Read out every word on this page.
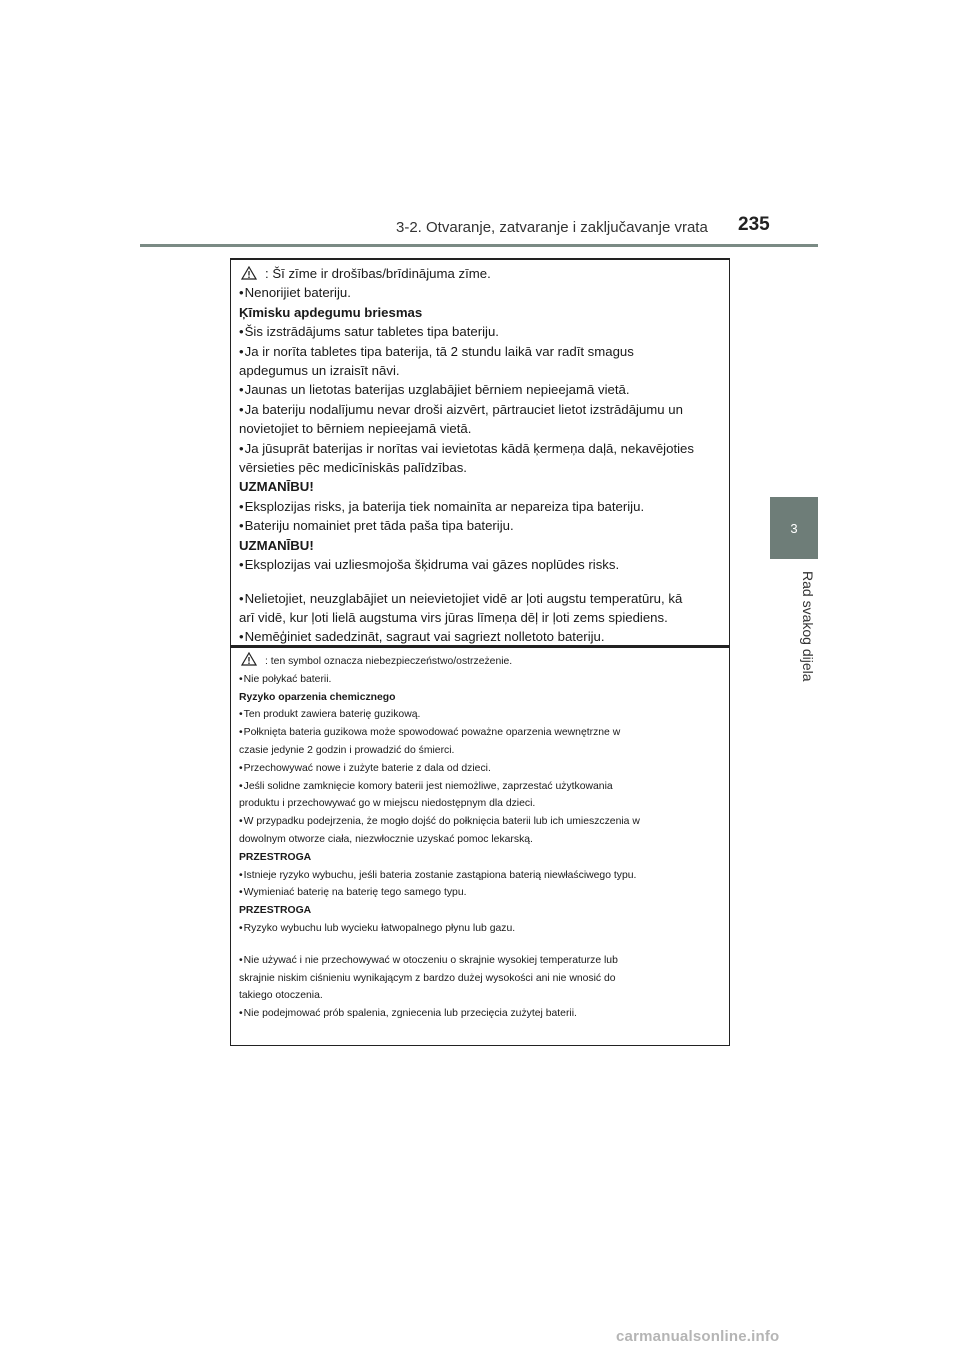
3-2. Otvaranje, zatvaranje i zaključavanje vrata	235
3
Rad svakog dijela
: Šī zīme ir drošības/brīdinājuma zīme.
• Nenorijiet bateriju.
Ķīmisku apdegumu briesmas
• Šis izstrādājums satur tabletes tipa bateriju.
• Ja ir norīta tabletes tipa baterija, tā 2 stundu laikā var radīt smagus
apdegumus un izraisīt nāvi.
• Jaunas un lietotas baterijas uzglabājiet bērniem nepieejamā vietā.
• Ja bateriju nodalījumu nevar droši aizvērt, pārtrauciet lietot izstrādājumu un
novietojiet to bērniem nepieejamā vietā.
• Ja jūsuprāt baterijas ir norītas vai ievietotas kādā ķermeņa daļā, nekavējoties
vērsieties pēc medicīniskās palīdzības.
UZMANĪBU!
• Eksplozijas risks, ja baterija tiek nomainīta ar nepareiza tipa bateriju.
• Bateriju nomainiet pret tāda paša tipa bateriju.
UZMANĪBU!
• Eksplozijas vai uzliesmojoša šķidruma vai gāzes noplūdes risks.
• Nelietojiet, neuzglabājiet un neievietojiet vidē ar ļoti augstu temperatūru, kā
arī vidē, kur ļoti lielā augstuma virs jūras līmeņa dēļ ir ļoti zems spiediens.
• Nemēģiniet sadedzināt, sagraut vai sagriezt nolletoto bateriju.
: ten symbol oznacza niebezpieczeństwo/ostrzeżenie.
• Nie połykać baterii.
Ryzyko oparzenia chemicznego
• Ten produkt zawiera baterię guzikową.
• Połknięta bateria guzikowa może spowodować poważne oparzenia wewnętrzne w
czasie jedynie 2 godzin i prowadzić do śmierci.
• Przechowywać nowe i zużyte baterie z dala od dzieci.
• Jeśli solidne zamknięcie komory baterii jest niemożliwe, zaprzestać użytkowania
produktu i przechowywać go w miejscu niedostępnym dla dzieci.
• W przypadku podejrzenia, że mogło dojść do połknięcia baterii lub ich umieszczenia w
dowolnym otworze ciała, niezwłocznie uzyskać pomoc lekarską.
PRZESTROGA
• Istnieje ryzyko wybuchu, jeśli bateria zostanie zastąpiona baterią niewłaściwego typu.
• Wymieniać baterię na baterię tego samego typu.
PRZESTROGA
• Ryzyko wybuchu lub wycieku łatwopalnego płynu lub gazu.
• Nie używać i nie przechowywać w otoczeniu o skrajnie wysokiej temperaturze lub
skrajnie niskim ciśnieniu wynikającym z bardzo dużej wysokości ani nie wnosić do
takiego otoczenia.
• Nie podejmować prób spalenia, zgniecenia lub przecięcia zużytej baterii.
carmanualsonline.info
